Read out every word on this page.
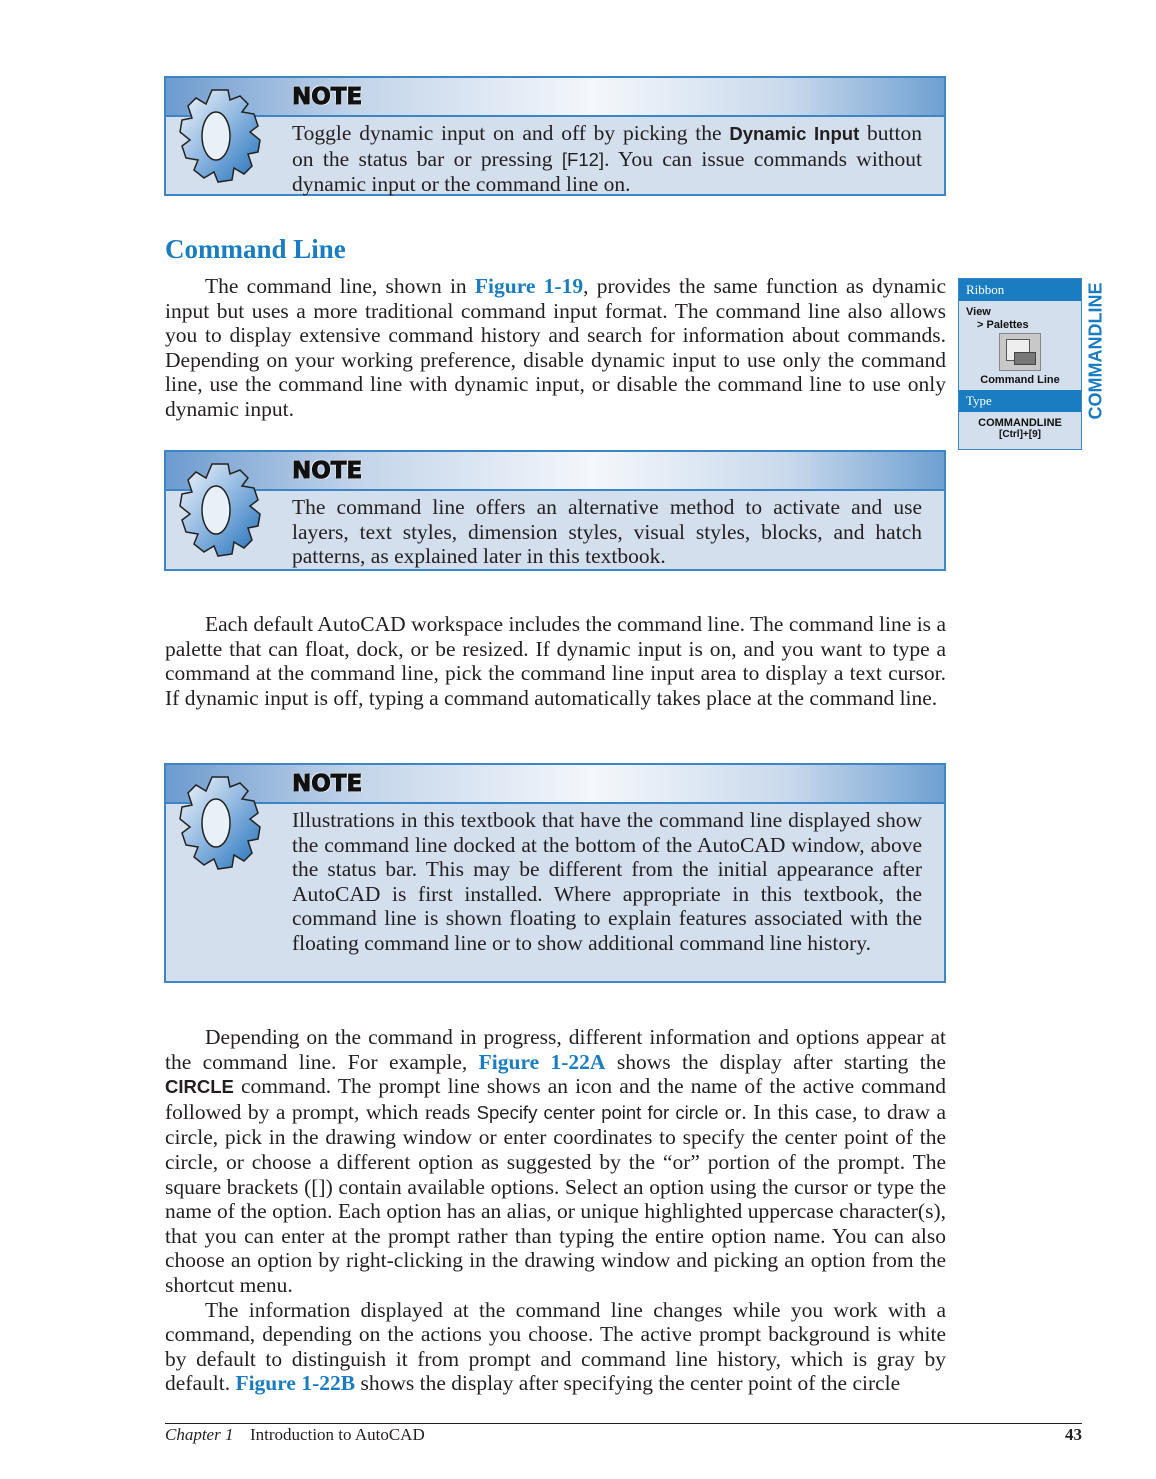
NOTE
Toggle dynamic input on and off by picking the Dynamic Input button on the status bar or pressing [F12]. You can issue commands without dynamic input or the command line on.
Command Line

The command line, shown in Figure 1-19, provides the same function as dynamic input but uses a more traditional command input format. The command line also allows you to display extensive command history and search for information about commands. Depending on your working preference, disable dynamic input to use only the command line, use the command line with dynamic input, or disable the command line to use only dynamic input.

NOTE
The command line offers an alternative method to activate and use layers, text styles, dimension styles, visual styles, blocks, and hatch patterns, as explained later in this textbook.

Each default AutoCAD workspace includes the command line. The command line is a palette that can float, dock, or be resized. If dynamic input is on, and you want to type a command at the command line, pick the command line input area to display a text cursor. If dynamic input is off, typing a command automatically takes place at the command line.

NOTE
Illustrations in this textbook that have the command line displayed show the command line docked at the bottom of the AutoCAD window, above the status bar. This may be different from the initial appearance after AutoCAD is first installed. Where appropriate in this textbook, the command line is shown floating to explain features associated with the floating command line or to show additional command line history.

Depending on the command in progress, different information and options appear at the command line. For example, Figure 1-22A shows the display after starting the CIRCLE command. The prompt line shows an icon and the name of the active command followed by a prompt, which reads Specify center point for circle or. In this case, to draw a circle, pick in the drawing window or enter coordinates to specify the center point of the circle, or choose a different option as suggested by the “or” portion of the prompt. The square brackets ([]) contain available options. Select an option using the cursor or type the name of the option. Each option has an alias, or unique highlighted uppercase character(s), that you can enter at the prompt rather than typing the entire option name. You can also choose an option by right-clicking in the drawing window and picking an option from the shortcut menu.
The information displayed at the command line changes while you work with a command, depending on the actions you choose. The active prompt background is white by default to distinguish it from prompt and command line history, which is gray by default. Figure 1-22B shows the display after specifying the center point of the circle

Ribbon
View
> Palettes
Command Line
Type
COMMANDLINE
[Ctrl]+[9]
COMMANDLINE
Chapter 1 Introduction to AutoCAD	43
